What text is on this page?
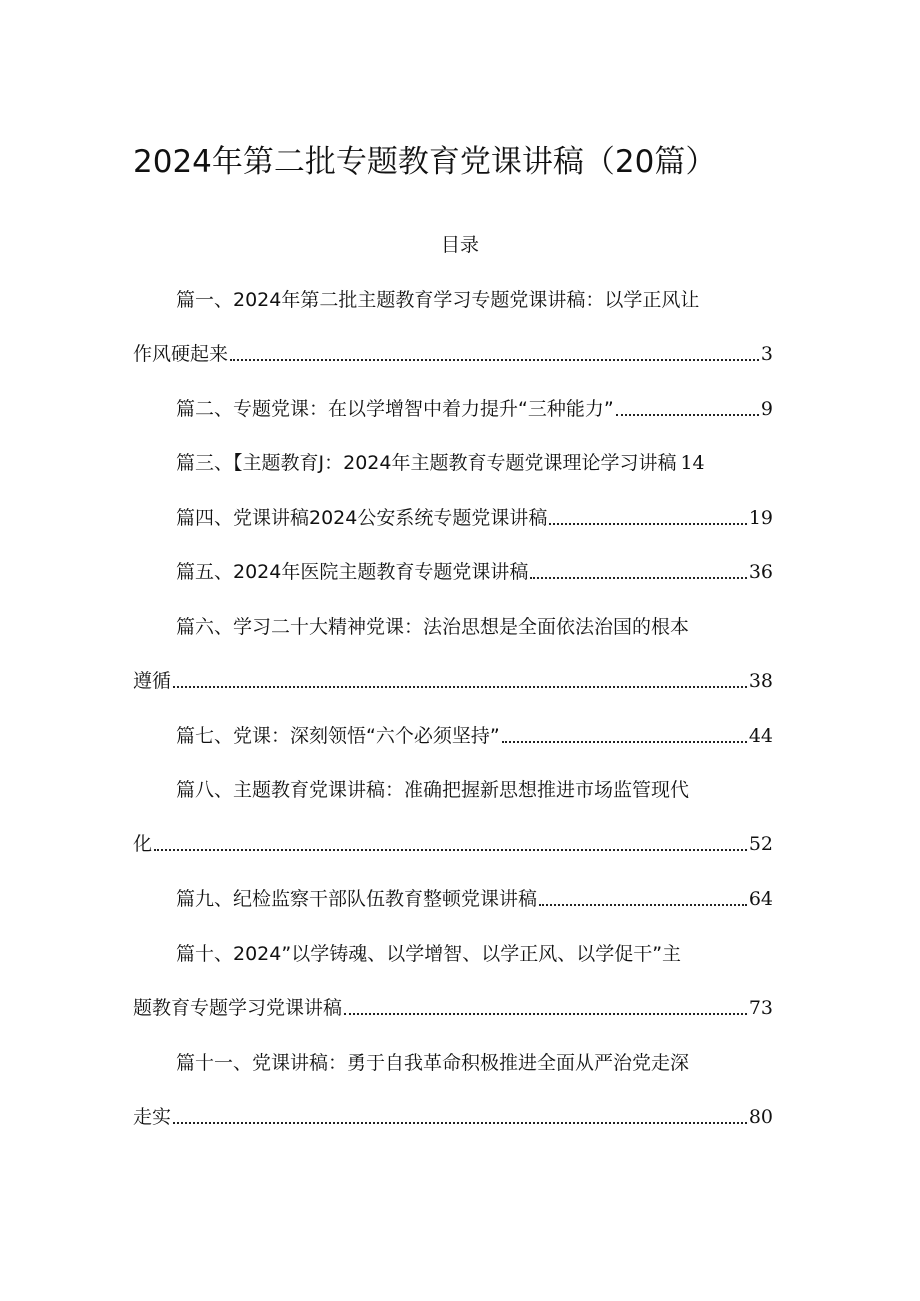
2024年第二批专题教育党课讲稿（20篇）
目录
篇一、2024年第二批主题教育学习专题党课讲稿：以学正风让
作风硬起来	3
篇二、专题党课：在以学增智中着力提升“三种能力”	9
篇三、【主题教育J：2024年主题教育专题党课理论学习讲稿 14
篇四、党课讲稿2024公安系统专题党课讲稿	19
篇五、2024年医院主题教育专题党课讲稿	36
篇六、学习二十大精神党课：法治思想是全面依法治国的根本
遵循	38
篇七、党课：深刻领悟“六个必须坚持”	44
篇八、主题教育党课讲稿：准确把握新思想推进市场监管现代
化	52
篇九、纪检监察干部队伍教育整顿党课讲稿	64
篇十、2024”以学铸魂、以学增智、以学正风、以学促干”主
题教育专题学习党课讲稿	73
篇十一、党课讲稿：勇于自我革命积极推进全面从严治党走深
走实	80
